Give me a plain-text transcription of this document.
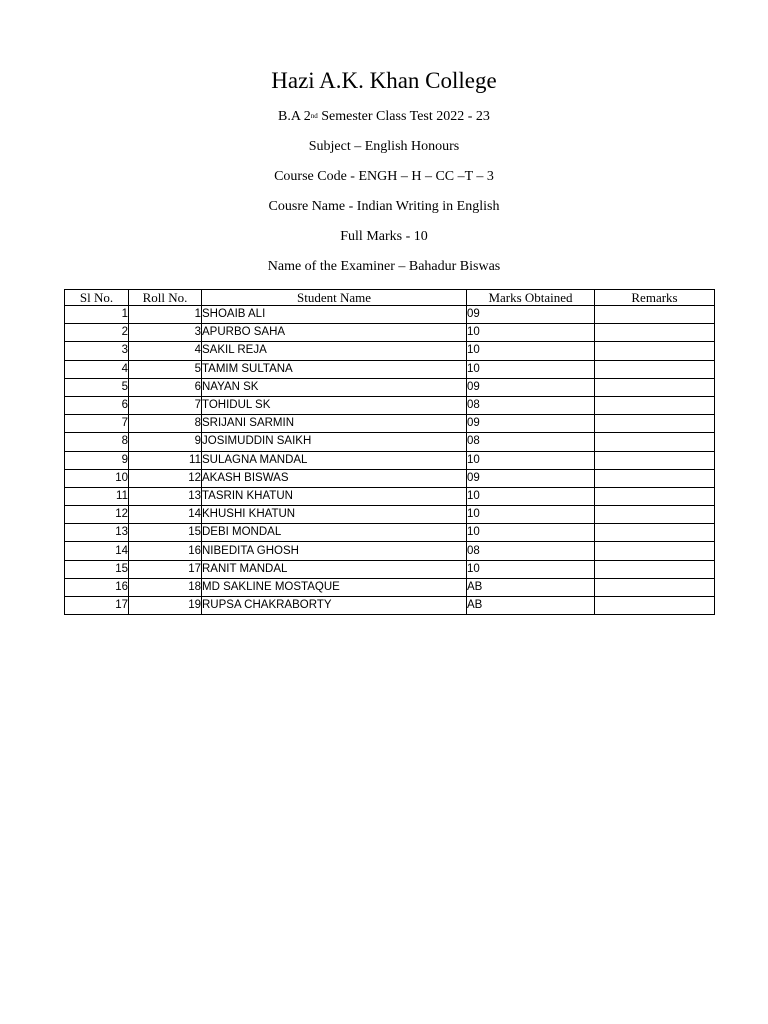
Hazi A.K. Khan College
B.A 2nd Semester Class Test 2022 - 23
Subject – English Honours
Course Code - ENGH – H – CC –T – 3
Cousre Name - Indian Writing in English
Full Marks - 10
Name of the Examiner – Bahadur Biswas
Sl No.	Roll No.	Student Name	Marks Obtained	Remarks
1	1	SHOAIB ALI	09	
2	3	APURBO SAHA	10	
3	4	SAKIL REJA	10	
4	5	TAMIM SULTANA	10	
5	6	NAYAN SK	09	
6	7	TOHIDUL SK	08	
7	8	SRIJANI SARMIN	09	
8	9	JOSIMUDDIN SAIKH	08	
9	11	SULAGNA MANDAL	10	
10	12	AKASH BISWAS	09	
11	13	TASRIN KHATUN	10	
12	14	KHUSHI KHATUN	10	
13	15	DEBI MONDAL	10	
14	16	NIBEDITA GHOSH	08	
15	17	RANIT MANDAL	10	
16	18	MD SAKLINE MOSTAQUE	AB	
17	19	RUPSA CHAKRABORTY	AB	
